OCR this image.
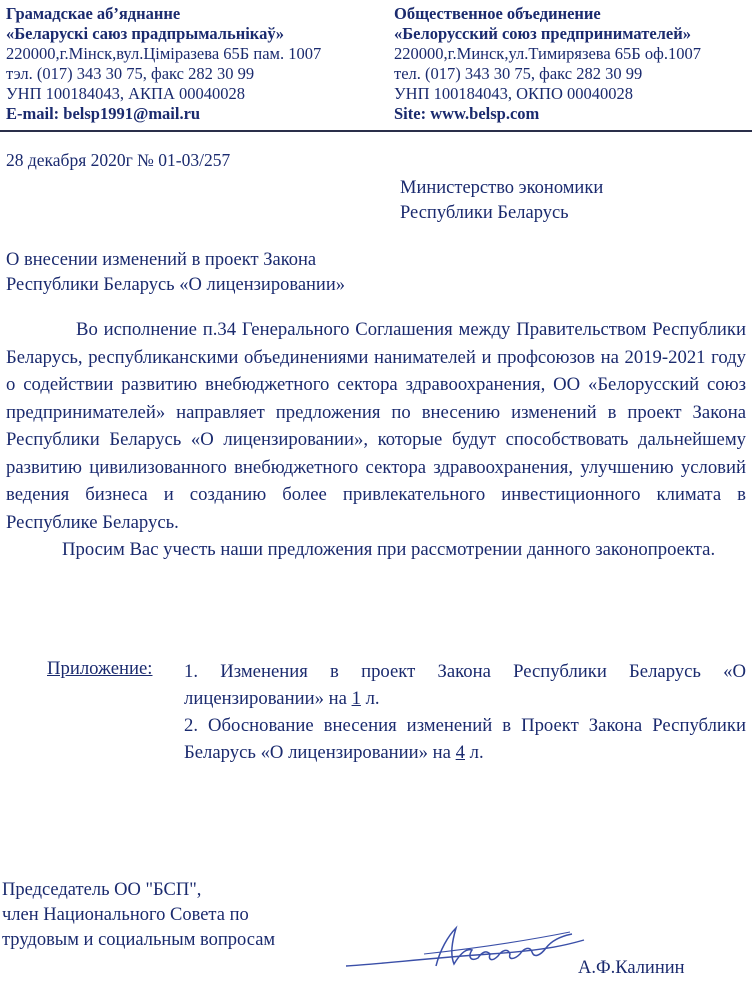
Грамадскае аб’яднанне
«Беларускі саюз прадпрымальнікаў»
220000,г.Мінск,вул.Ціміразева 65Б пам. 1007
тэл. (017) 343 30 75, факс 282 30 99
УНП 100184043, АКПА 00040028
E-mail: belsp1991@mail.ru
Общественное объединение
«Белорусский союз предпринимателей»
220000,г.Минск,ул.Тимирязева 65Б оф.1007
тел. (017) 343 30 75, факс 282 30 99
УНП 100184043, ОКПО 00040028
Site: www.belsp.com
28 декабря 2020г № 01-03/257
Министерство экономики
Республики Беларусь
О внесении изменений в проект Закона
Республики Беларусь «О лицензировании»

Во исполнение п.34 Генерального Соглашения между Правительством Республики Беларусь, республиканскими объединениями нанимателей и профсоюзов на 2019-2021 году о содействии развитию внебюджетного сектора здравоохранения, ОО «Белорусский союз предпринимателей» направляет предложения по внесению изменений в проект Закона Республики Беларусь «О лицензировании», которые будут способствовать дальнейшему развитию цивилизованного внебюджетного сектора здравоохранения, улучшению условий ведения бизнеса и созданию более привлекательного инвестиционного климата в Республике Беларусь.

Просим Вас учесть наши предложения при рассмотрении данного законопроекта.

Приложение: 1. Изменения в проект Закона Республики Беларусь «О лицензировании» на 1 л.

2. Обоснование внесения изменений в Проект Закона Республики Беларусь «О лицензировании» на 4 л.

Председатель ОО "БСП",
член Национального Совета по
трудовым и социальным вопросам
А.Ф.Калинин
